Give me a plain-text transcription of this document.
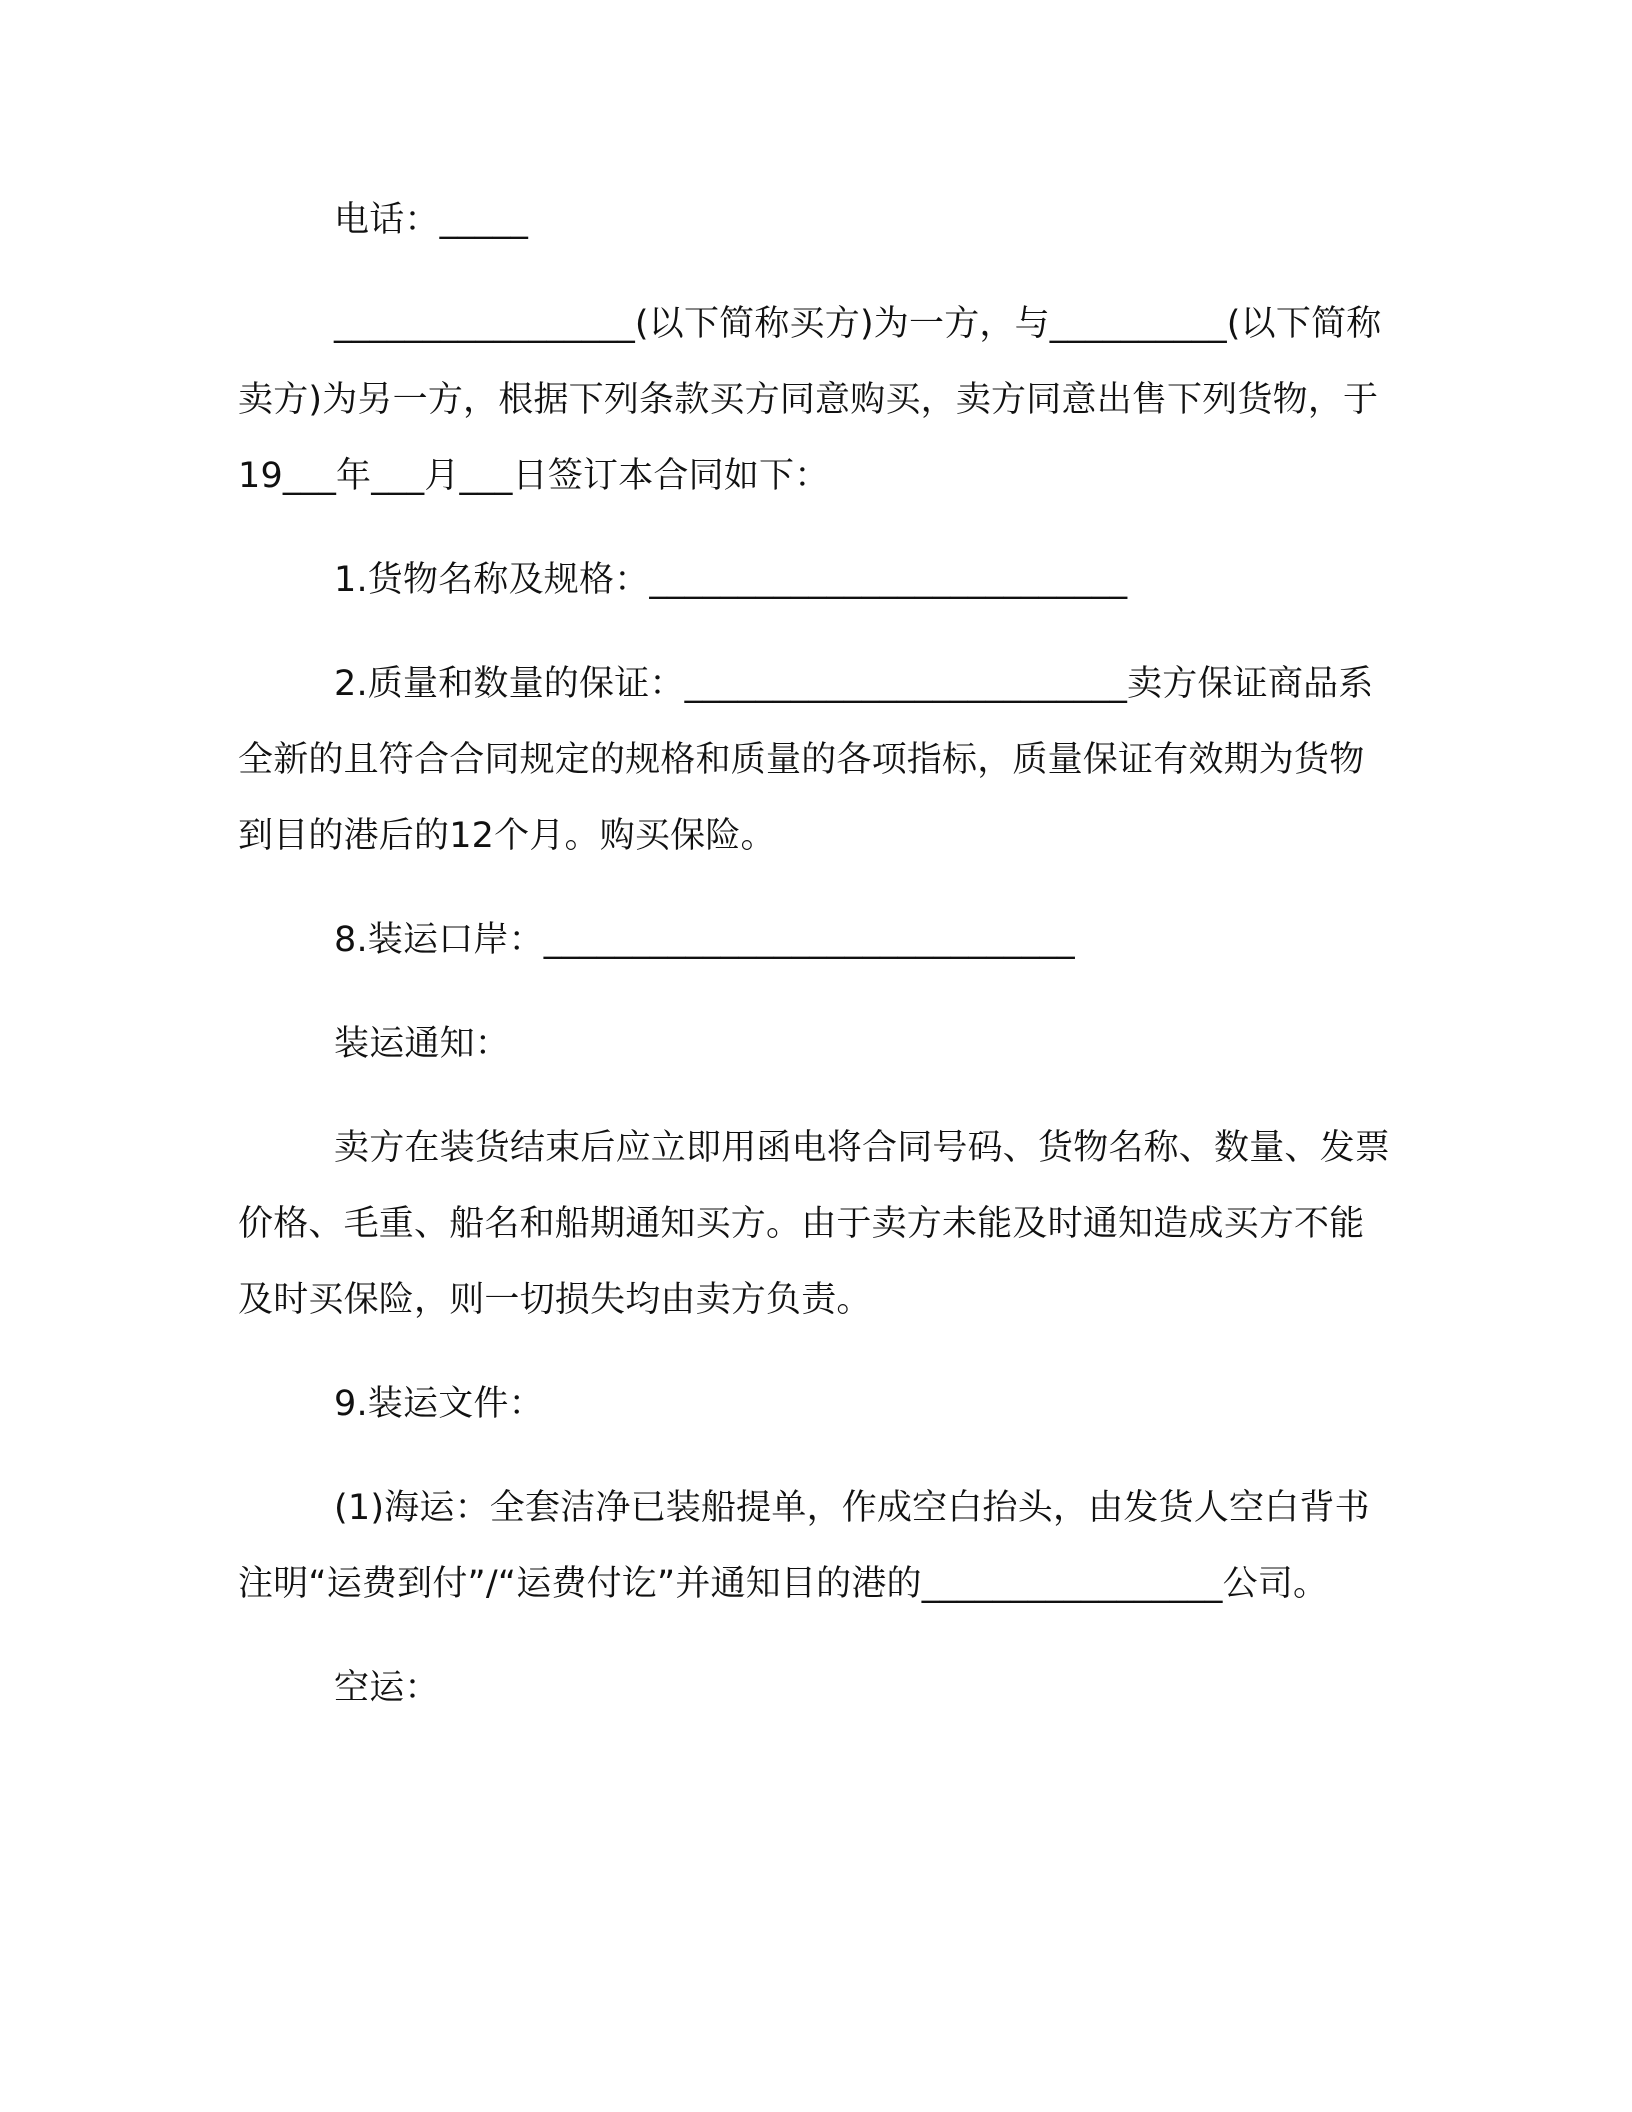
电话：_____

_________________(以下简称买方)为一方，与__________(以下简称卖方)为另一方，根据下列条款买方同意购买，卖方同意出售下列货物，于19___年___月___日签订本合同如下：

1.货物名称及规格：___________________________

2.质量和数量的保证：_________________________卖方保证商品系全新的且符合合同规定的规格和质量的各项指标，质量保证有效期为货物到目的港后的12个月。购买保险。

8.装运口岸：______________________________

装运通知：

卖方在装货结束后应立即用函电将合同号码、货物名称、数量、发票价格、毛重、船名和船期通知买方。由于卖方未能及时通知造成买方不能及时买保险，则一切损失均由卖方负责。

9.装运文件：

(1)海运：全套洁净已装船提单，作成空白抬头，由发货人空白背书注明“运费到付”/“运费付讫”并通知目的港的_________________公司。

空运：
